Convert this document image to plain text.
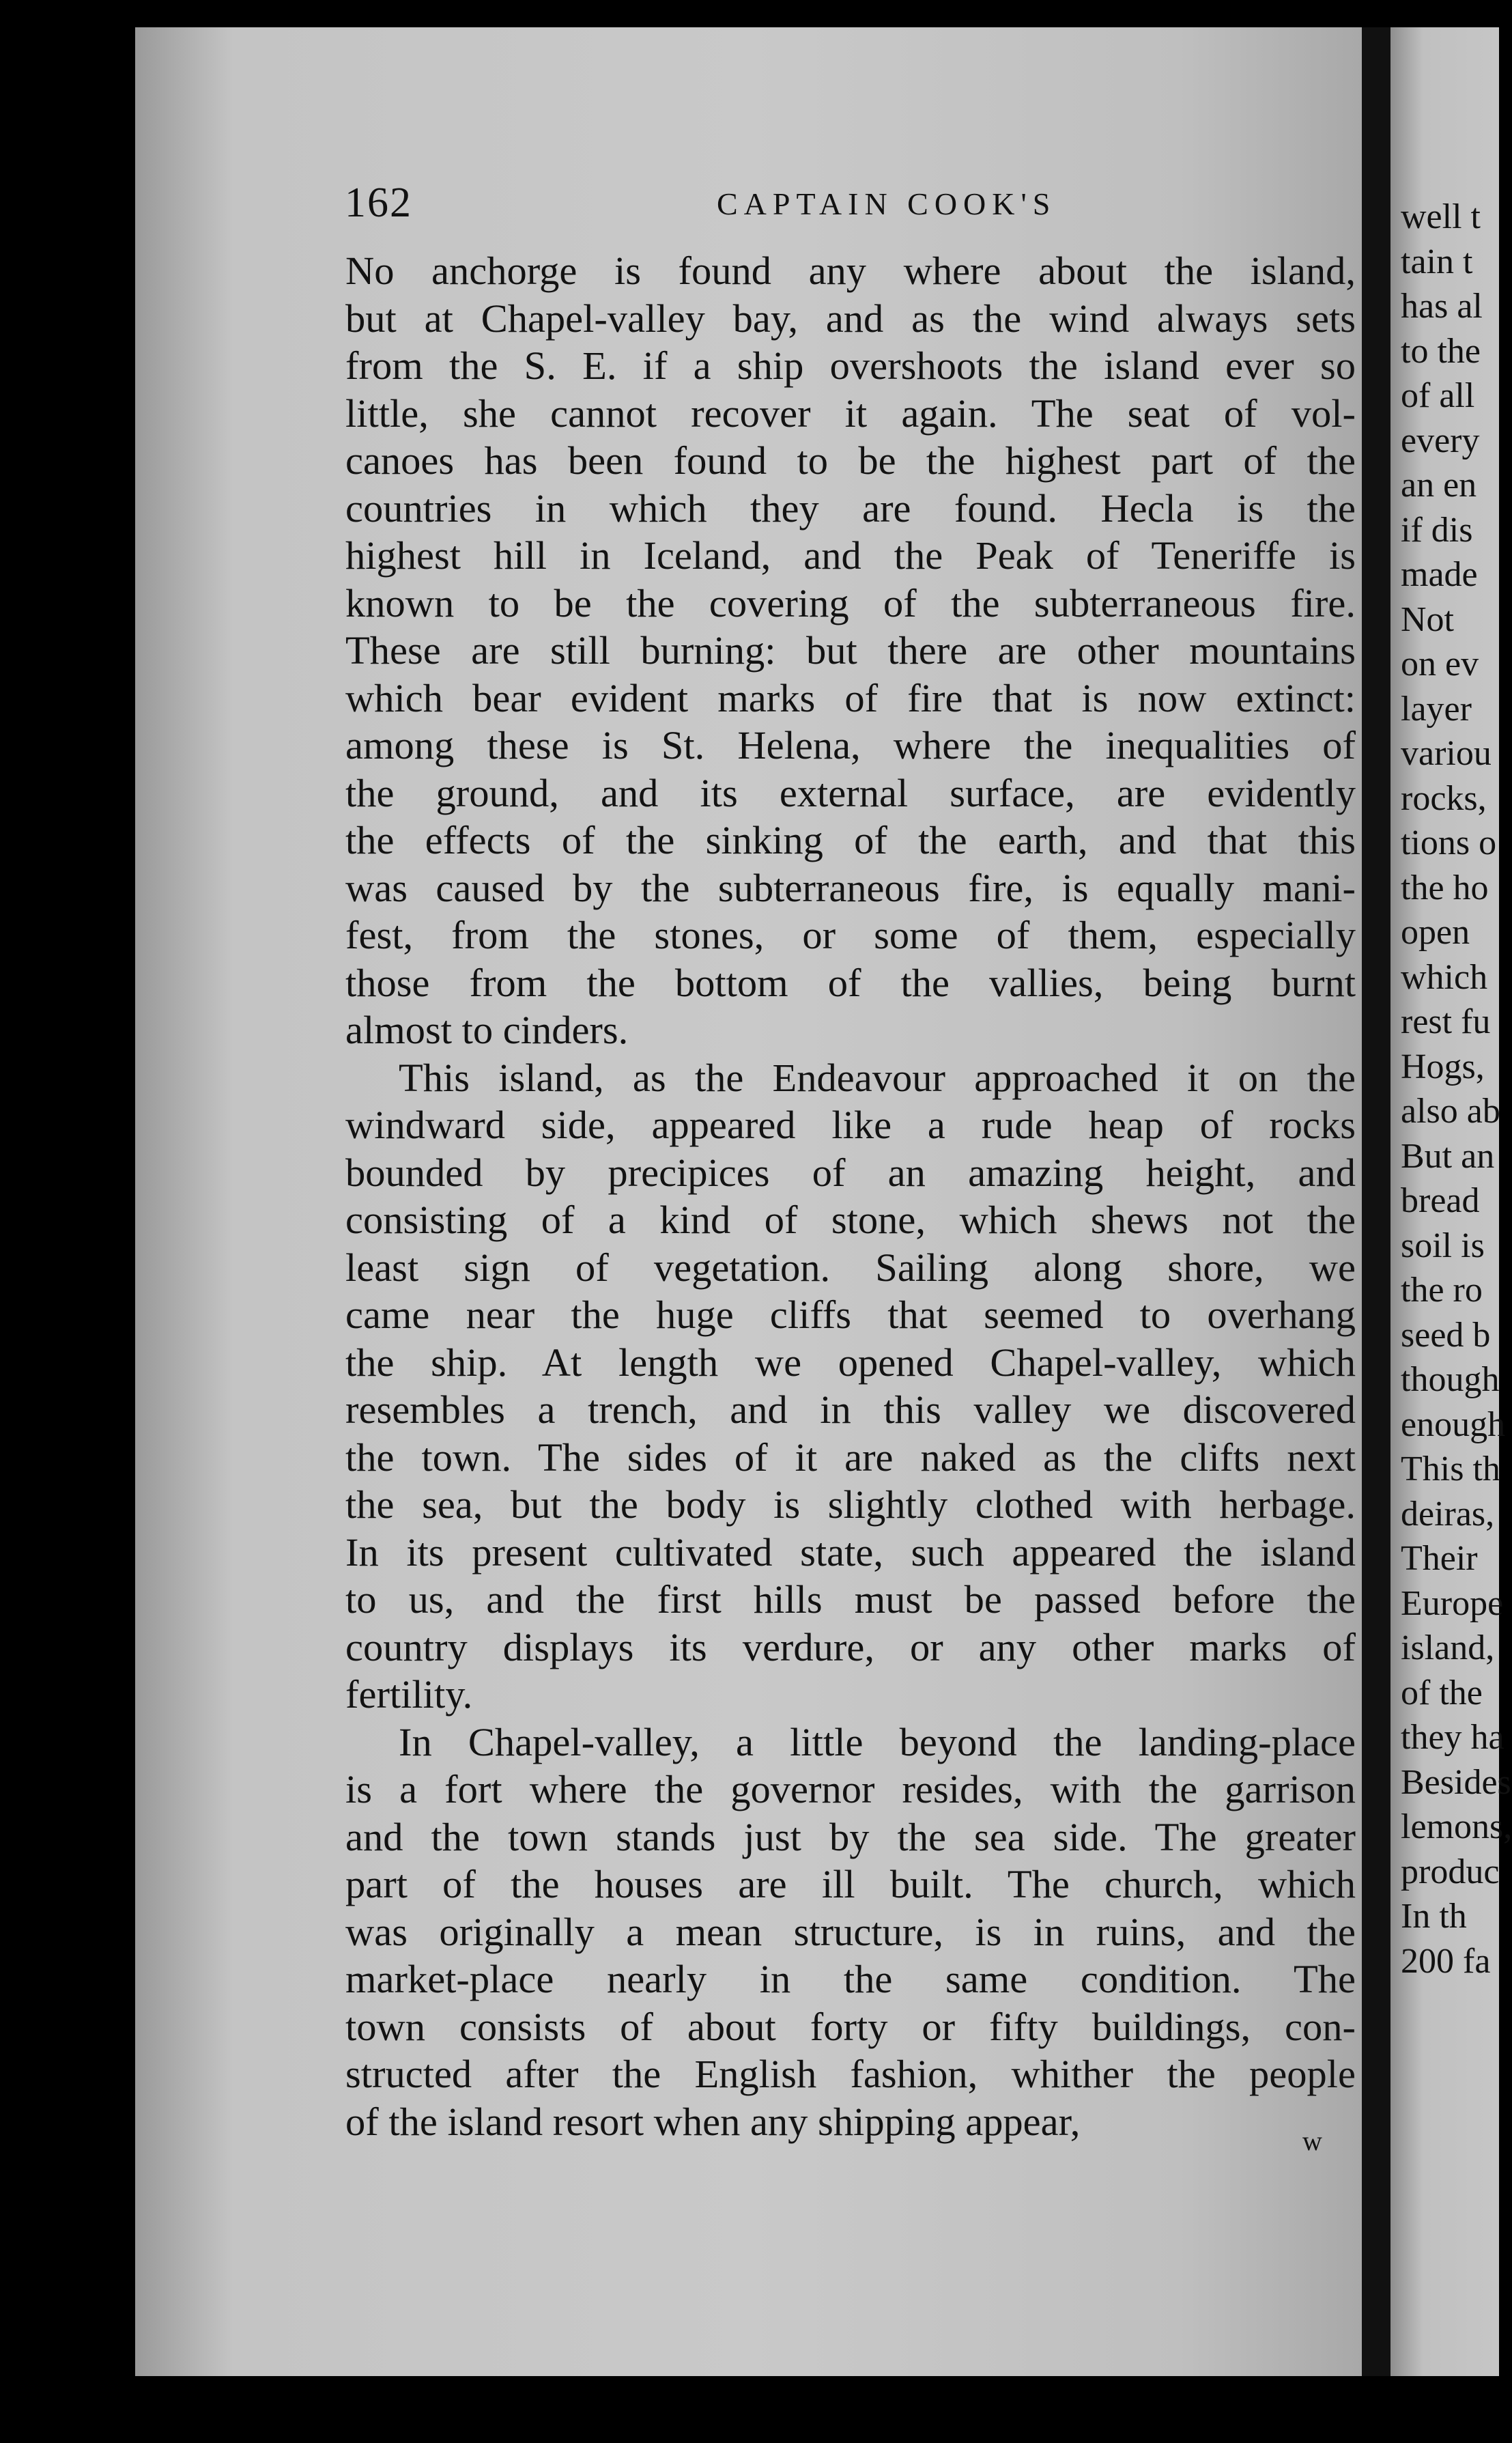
162	CAPTAIN COOK'S
No anchorge is found any where about the island,
but at Chapel-valley bay, and as the wind always sets
from the S. E. if a ship overshoots the island ever so
little, she cannot recover it again. The seat of vol-
canoes has been found to be the highest part of the
countries in which they are found. Hecla is the
highest hill in Iceland, and the Peak of Teneriffe is
known to be the covering of the subterraneous fire.
These are still burning: but there are other mountains
which bear evident marks of fire that is now extinct:
among these is St. Helena, where the inequalities of
the ground, and its external surface, are evidently
the effects of the sinking of the earth, and that this
was caused by the subterraneous fire, is equally mani-
fest, from the stones, or some of them, especially
those from the bottom of the vallies, being burnt
almost to cinders.
This island, as the Endeavour approached it on the
windward side, appeared like a rude heap of rocks
bounded by precipices of an amazing height, and
consisting of a kind of stone, which shews not the
least sign of vegetation. Sailing along shore, we
came near the huge cliffs that seemed to overhang
the ship. At length we opened Chapel-valley, which
resembles a trench, and in this valley we discovered
the town. The sides of it are naked as the clifts next
the sea, but the body is slightly clothed with herbage.
In its present cultivated state, such appeared the island
to us, and the first hills must be passed before the
country displays its verdure, or any other marks of
fertility.
In Chapel-valley, a little beyond the landing-place
is a fort where the governor resides, with the garrison
and the town stands just by the sea side. The greater
part of the houses are ill built. The church, which
was originally a mean structure, is in ruins, and the
market-place nearly in the same condition. The
town consists of about forty or fifty buildings, con-
structed after the English fashion, whither the people
of the island resort when any shipping appear,	w
well t
tain t
has al
to the
of all
every
an en
if dis
made
Not
on ev
layer
variou
rocks,
tions o
the ho
open
which
rest fu
Hogs,
also ab
But an
bread
soil is
the ro
seed b
though
enough
This th
deiras,
Their
Europe
island,
of the
they ha
Besides
lemons,
produc
In th
200 fa
